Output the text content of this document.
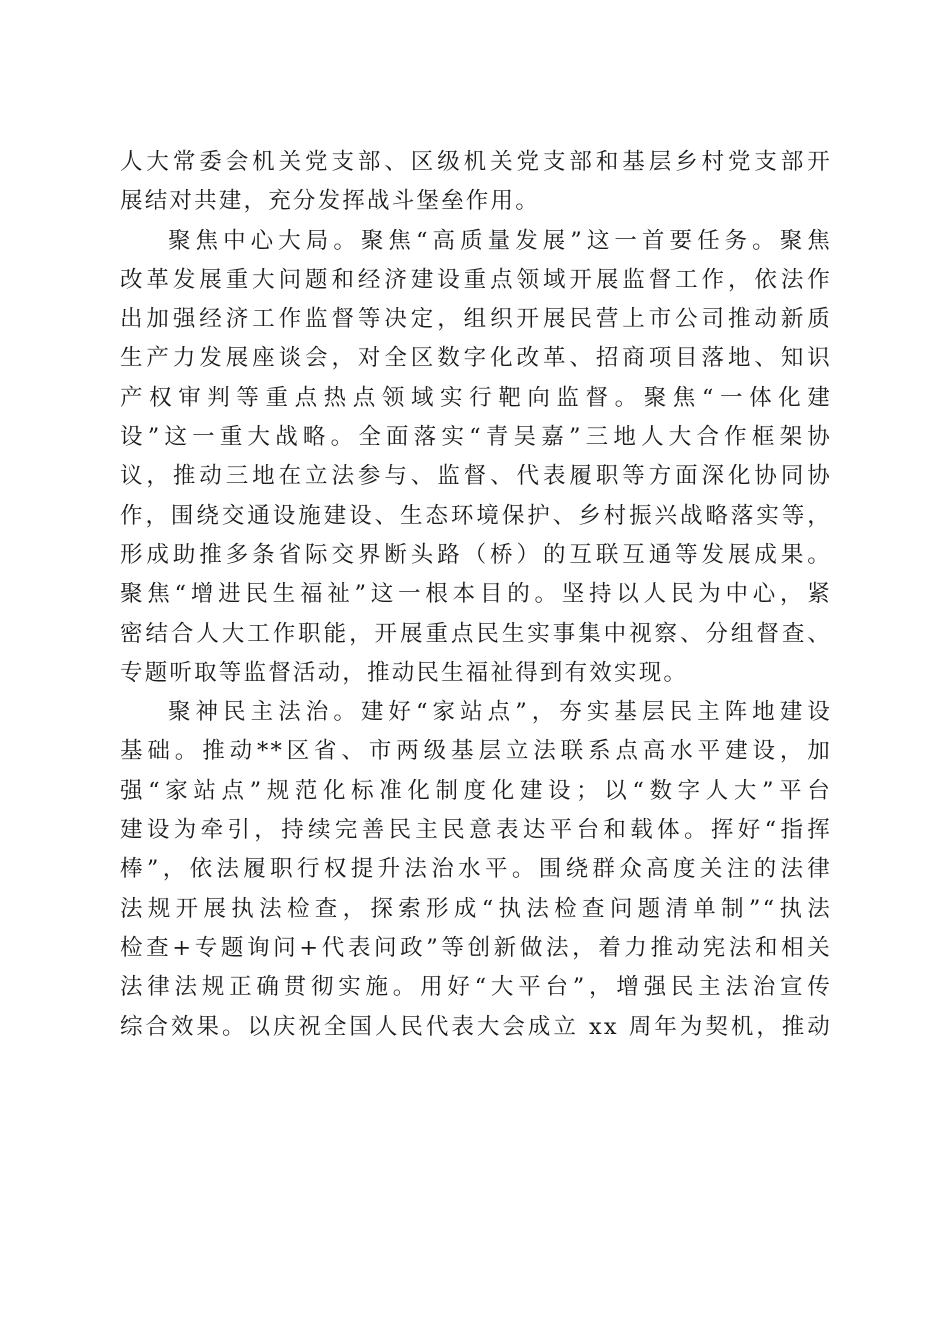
人大常委会机关党支部、区级机关党支部和基层乡村党支部开
展结对共建，充分发挥战斗堡垒作用。
聚焦中心大局。聚焦“高质量发展”这一首要任务。聚焦
改革发展重大问题和经济建设重点领域开展监督工作，依法作
出加强经济工作监督等决定，组织开展民营上市公司推动新质
生产力发展座谈会，对全区数字化改革、招商项目落地、知识
产权审判等重点热点领域实行靶向监督。聚焦“一体化建
设”这一重大战略。全面落实“青吴嘉”三地人大合作框架协
议，推动三地在立法参与、监督、代表履职等方面深化协同协
作，围绕交通设施建设、生态环境保护、乡村振兴战略落实等，
形成助推多条省际交界断头路（桥）的互联互通等发展成果。
聚焦“增进民生福祉”这一根本目的。坚持以人民为中心，紧
密结合人大工作职能，开展重点民生实事集中视察、分组督查、
专题听取等监督活动，推动民生福祉得到有效实现。
聚神民主法治。建好“家站点”，夯实基层民主阵地建设
基础。推动**区省、市两级基层立法联系点高水平建设，加
强“家站点”规范化标准化制度化建设；以“数字人大”平台
建设为牵引，持续完善民主民意表达平台和载体。挥好“指挥
棒”，依法履职行权提升法治水平。围绕群众高度关注的法律
法规开展执法检查，探索形成“执法检查问题清单制”“执法
检查+专题询问+代表问政”等创新做法，着力推动宪法和相关
法律法规正确贯彻实施。用好“大平台”，增强民主法治宣传
综合效果。以庆祝全国人民代表大会成立 xx 周年为契机，推动
